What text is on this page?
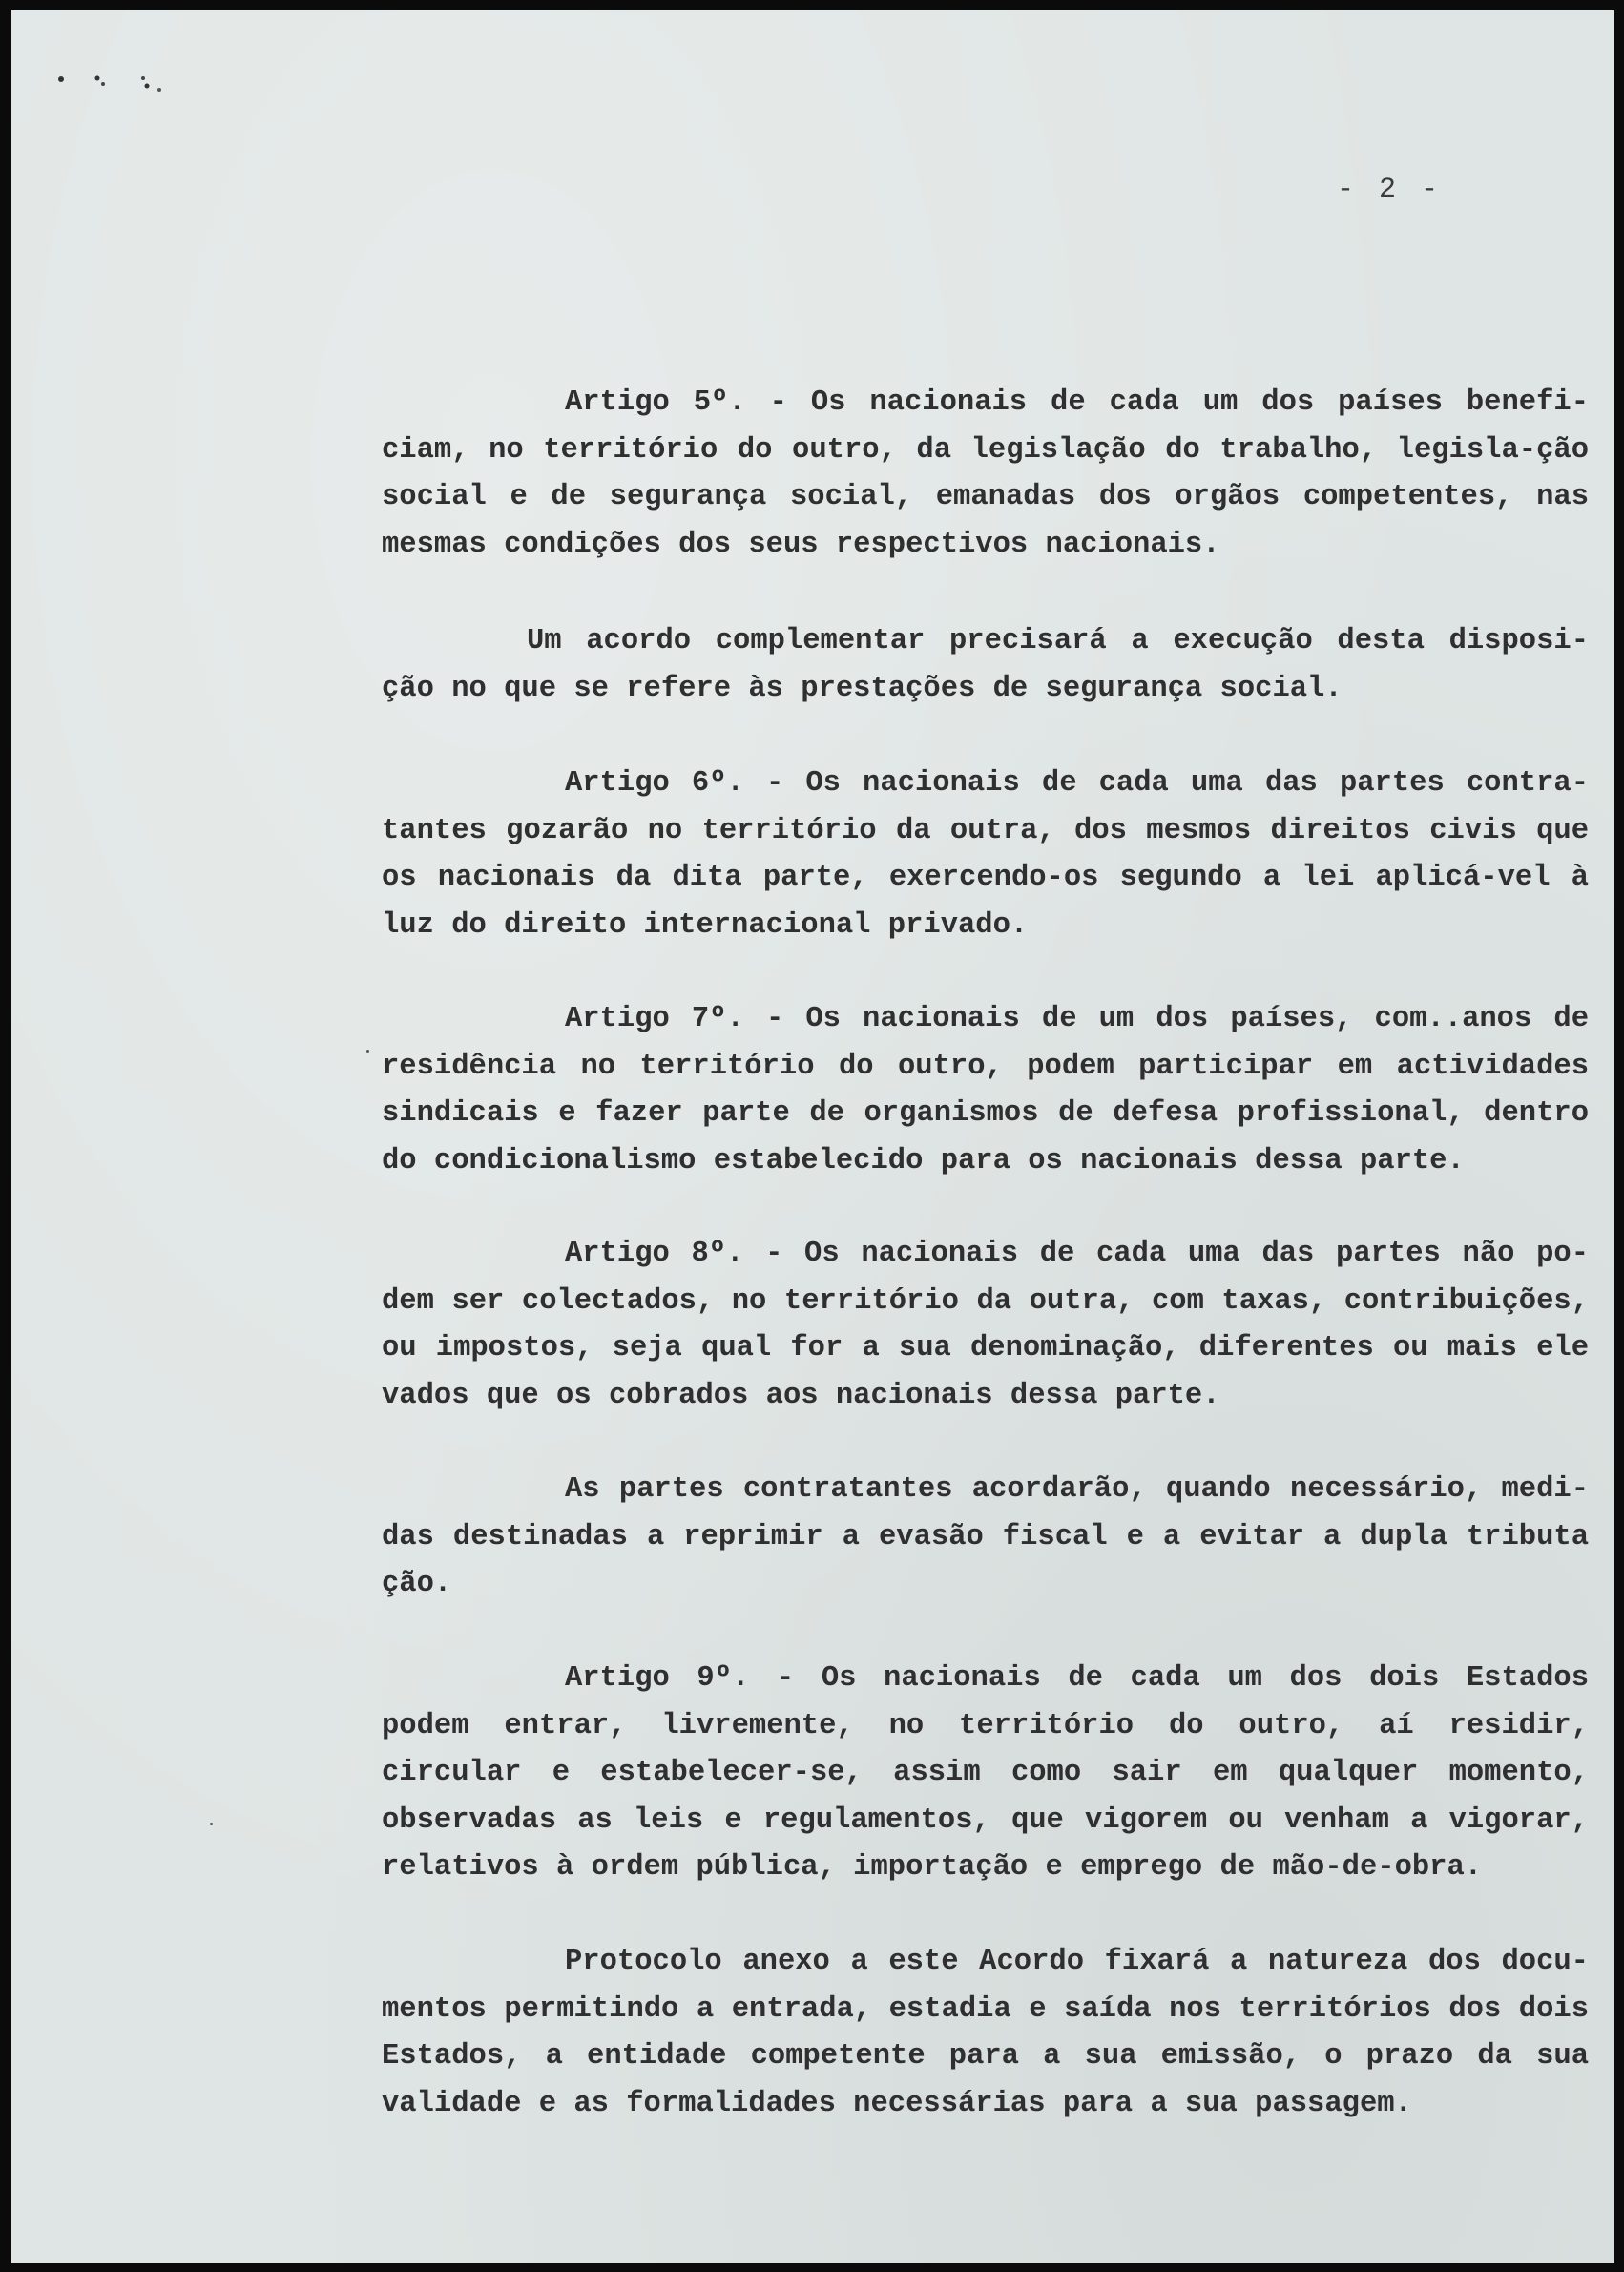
- 2 -

Artigo 5º. - Os nacionais de cada um dos países benefi-ciam, no território do outro, da legislação do trabalho, legisla-ção social e de segurança social, emanadas dos orgãos competentes, nas mesmas condições dos seus respectivos nacionais.

Um acordo complementar precisará a execução desta disposi-ção no que se refere às prestações de segurança social.

Artigo 6º. - Os nacionais de cada uma das partes contra-tantes gozarão no território da outra, dos mesmos direitos civis que os nacionais da dita parte, exercendo-os segundo a lei aplicá-vel à luz do direito internacional privado.

Artigo 7º. - Os nacionais de um dos países, com..anos de residência no território do outro, podem participar em actividades sindicais e fazer parte de organismos de defesa profissional, dentro do condicionalismo estabelecido para os nacionais dessa parte.

Artigo 8º. - Os nacionais de cada uma das partes não po-dem ser colectados, no território da outra, com taxas, contribuições, ou impostos, seja qual for a sua denominação, diferentes ou mais ele vados que os cobrados aos nacionais dessa parte.

As partes contratantes acordarão, quando necessário, medi-das destinadas a reprimir a evasão fiscal e a evitar a dupla tributa ção.

Artigo 9º. - Os nacionais de cada um dos dois Estados podem entrar, livremente, no território do outro, aí residir, circular e estabelecer-se, assim como sair em qualquer momento, observadas as leis e regulamentos, que vigorem ou venham a vigorar, relativos à ordem pública, importação e emprego de mão-de-obra.

Protocolo anexo a este Acordo fixará a natureza dos docu-mentos permitindo a entrada, estadia e saída nos territórios dos dois Estados, a entidade competente para a sua emissão, o prazo da sua validade e as formalidades necessárias para a sua passagem.
